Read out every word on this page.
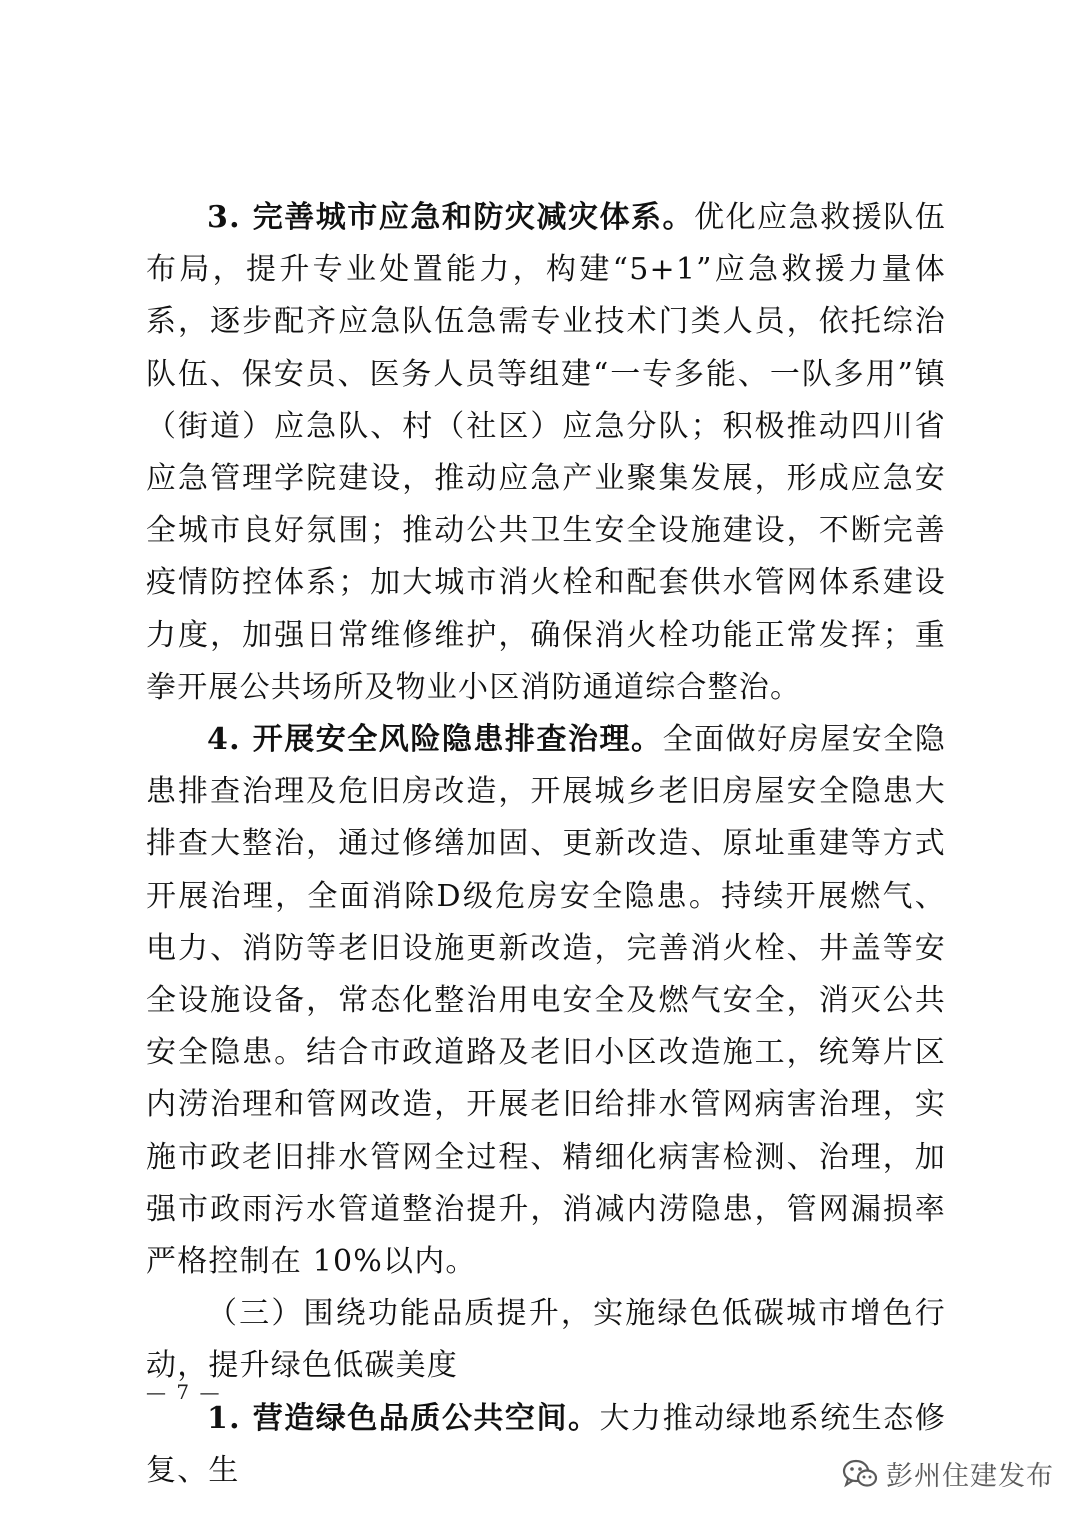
3. 完善城市应急和防灾减灾体系。优化应急救援队伍布局，提升专业处置能力，构建“5+1”应急救援力量体系，逐步配齐应急队伍急需专业技术门类人员，依托综治队伍、保安员、医务人员等组建“一专多能、一队多用”镇（街道）应急队、村（社区）应急分队；积极推动四川省应急管理学院建设，推动应急产业聚集发展，形成应急安全城市良好氛围；推动公共卫生安全设施建设，不断完善疫情防控体系；加大城市消火栓和配套供水管网体系建设力度，加强日常维修维护，确保消火栓功能正常发挥；重拳开展公共场所及物业小区消防通道综合整治。

4. 开展安全风险隐患排查治理。全面做好房屋安全隐患排查治理及危旧房改造，开展城乡老旧房屋安全隐患大排查大整治，通过修缮加固、更新改造、原址重建等方式开展治理，全面消除D级危房安全隐患。持续开展燃气、电力、消防等老旧设施更新改造，完善消火栓、井盖等安全设施设备，常态化整治用电安全及燃气安全，消灭公共安全隐患。结合市政道路及老旧小区改造施工，统筹片区内涝治理和管网改造，开展老旧给排水管网病害治理，实施市政老旧排水管网全过程、精细化病害检测、治理，加强市政雨污水管道整治提升，消减内涝隐患，管网漏损率严格控制在 10%以内。

（三）围绕功能品质提升，实施绿色低碳城市增色行动，提升绿色低碳美度

1. 营造绿色品质公共空间。大力推动绿地系统生态修复、生

— 7 —
彭州住建发布
